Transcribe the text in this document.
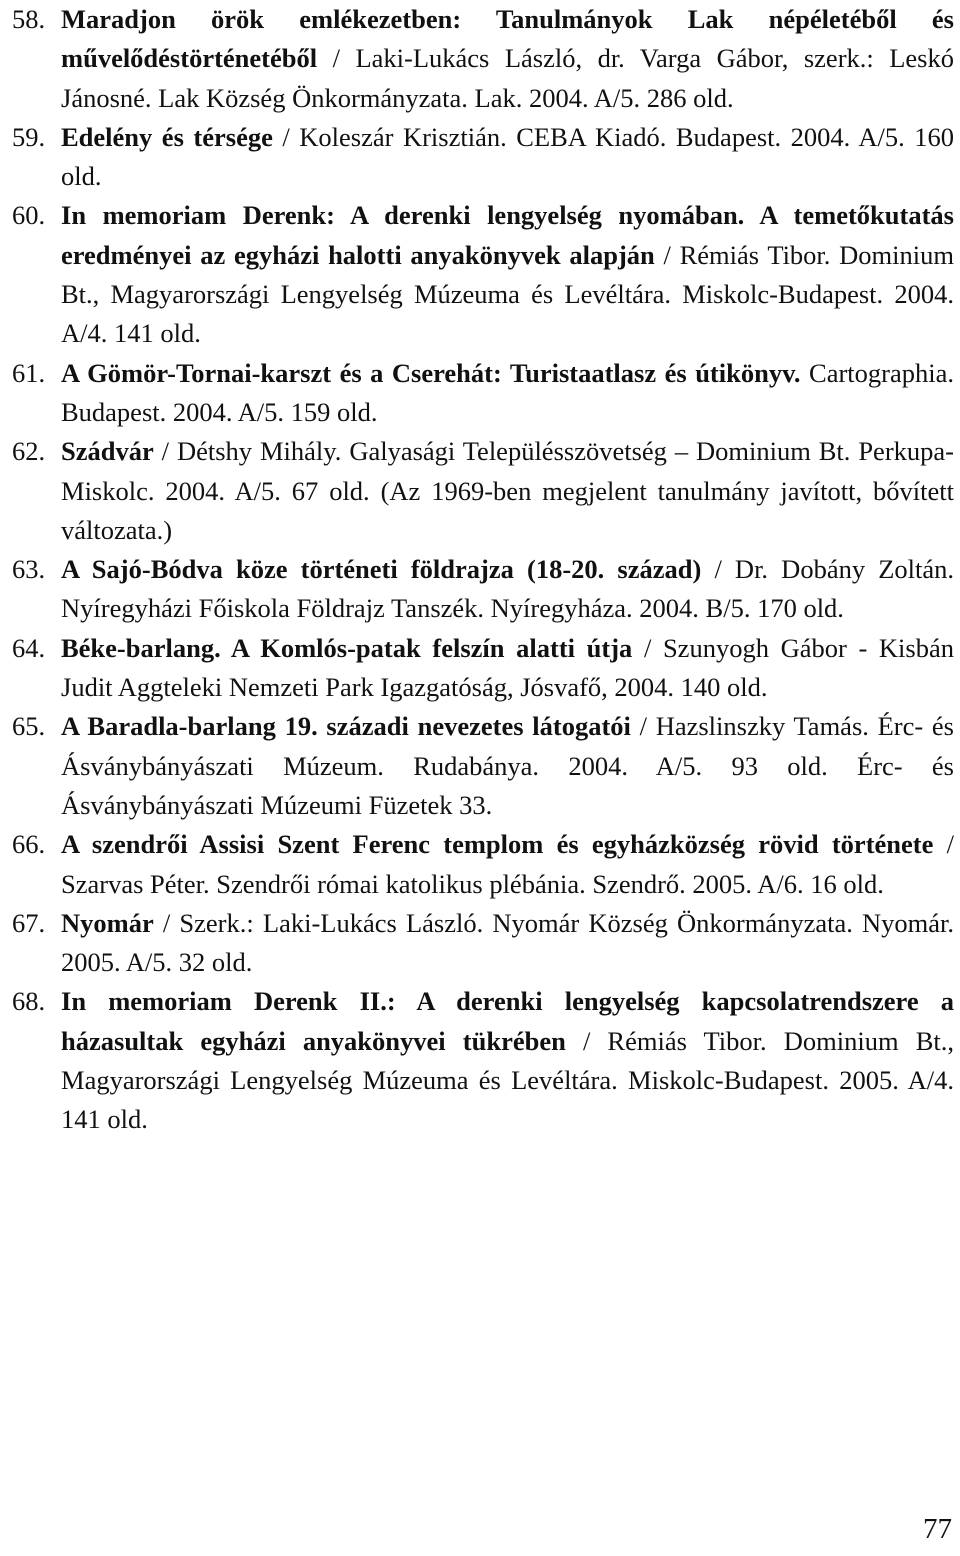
58. Maradjon örök emlékezetben: Tanulmányok Lak népéletéből és művelődéstörténetéből / Laki-Lukács László, dr. Varga Gábor, szerk.: Leskó Jánosné. Lak Község Önkormányzata. Lak. 2004. A/5. 286 old.
59. Edelény és térsége / Koleszár Krisztián. CEBA Kiadó. Budapest. 2004. A/5. 160 old.
60. In memoriam Derenk: A derenki lengyelség nyomában. A temetőkutatás eredményei az egyházi halotti anyakönyvek alapján / Rémiás Tibor. Dominium Bt., Magyarországi Lengyelség Múzeuma és Levéltára. Miskolc-Budapest. 2004. A/4. 141 old.
61. A Gömör-Tornai-karszt és a Cserehát: Turistaatlasz és útikönyv. Cartographia. Budapest. 2004. A/5. 159 old.
62. Szádvár / Détshy Mihály. Galyasági Településszövetség – Dominium Bt. Perkupa-Miskolc. 2004. A/5. 67 old. (Az 1969-ben megjelent tanulmány javított, bővített változata.)
63. A Sajó-Bódva köze történeti földrajza (18-20. század) / Dr. Dobány Zoltán. Nyíregyházi Főiskola Földrajz Tanszék. Nyíregyháza. 2004. B/5. 170 old.
64. Béke-barlang. A Komlós-patak felszín alatti útja / Szunyogh Gábor - Kisbán Judit Aggteleki Nemzeti Park Igazgatóság, Jósvafő, 2004. 140 old.
65. A Baradla-barlang 19. századi nevezetes látogatói / Hazslinszky Tamás. Érc- és Ásványbányászati Múzeum. Rudabánya. 2004. A/5. 93 old. Érc- és Ásványbányászati Múzeumi Füzetek 33.
66. A szendrői Assisi Szent Ferenc templom és egyházközség rövid története / Szarvas Péter. Szendrői római katolikus plébánia. Szendrő. 2005. A/6. 16 old.
67. Nyomár / Szerk.: Laki-Lukács László. Nyomár Község Önkormányzata. Nyomár. 2005. A/5. 32 old.
68. In memoriam Derenk II.: A derenki lengyelség kapcsolatrendszere a házasultak egyházi anyakönyvei tükrében / Rémiás Tibor. Dominium Bt., Magyarországi Lengyelség Múzeuma és Levéltára. Miskolc-Budapest. 2005. A/4. 141 old.
77
